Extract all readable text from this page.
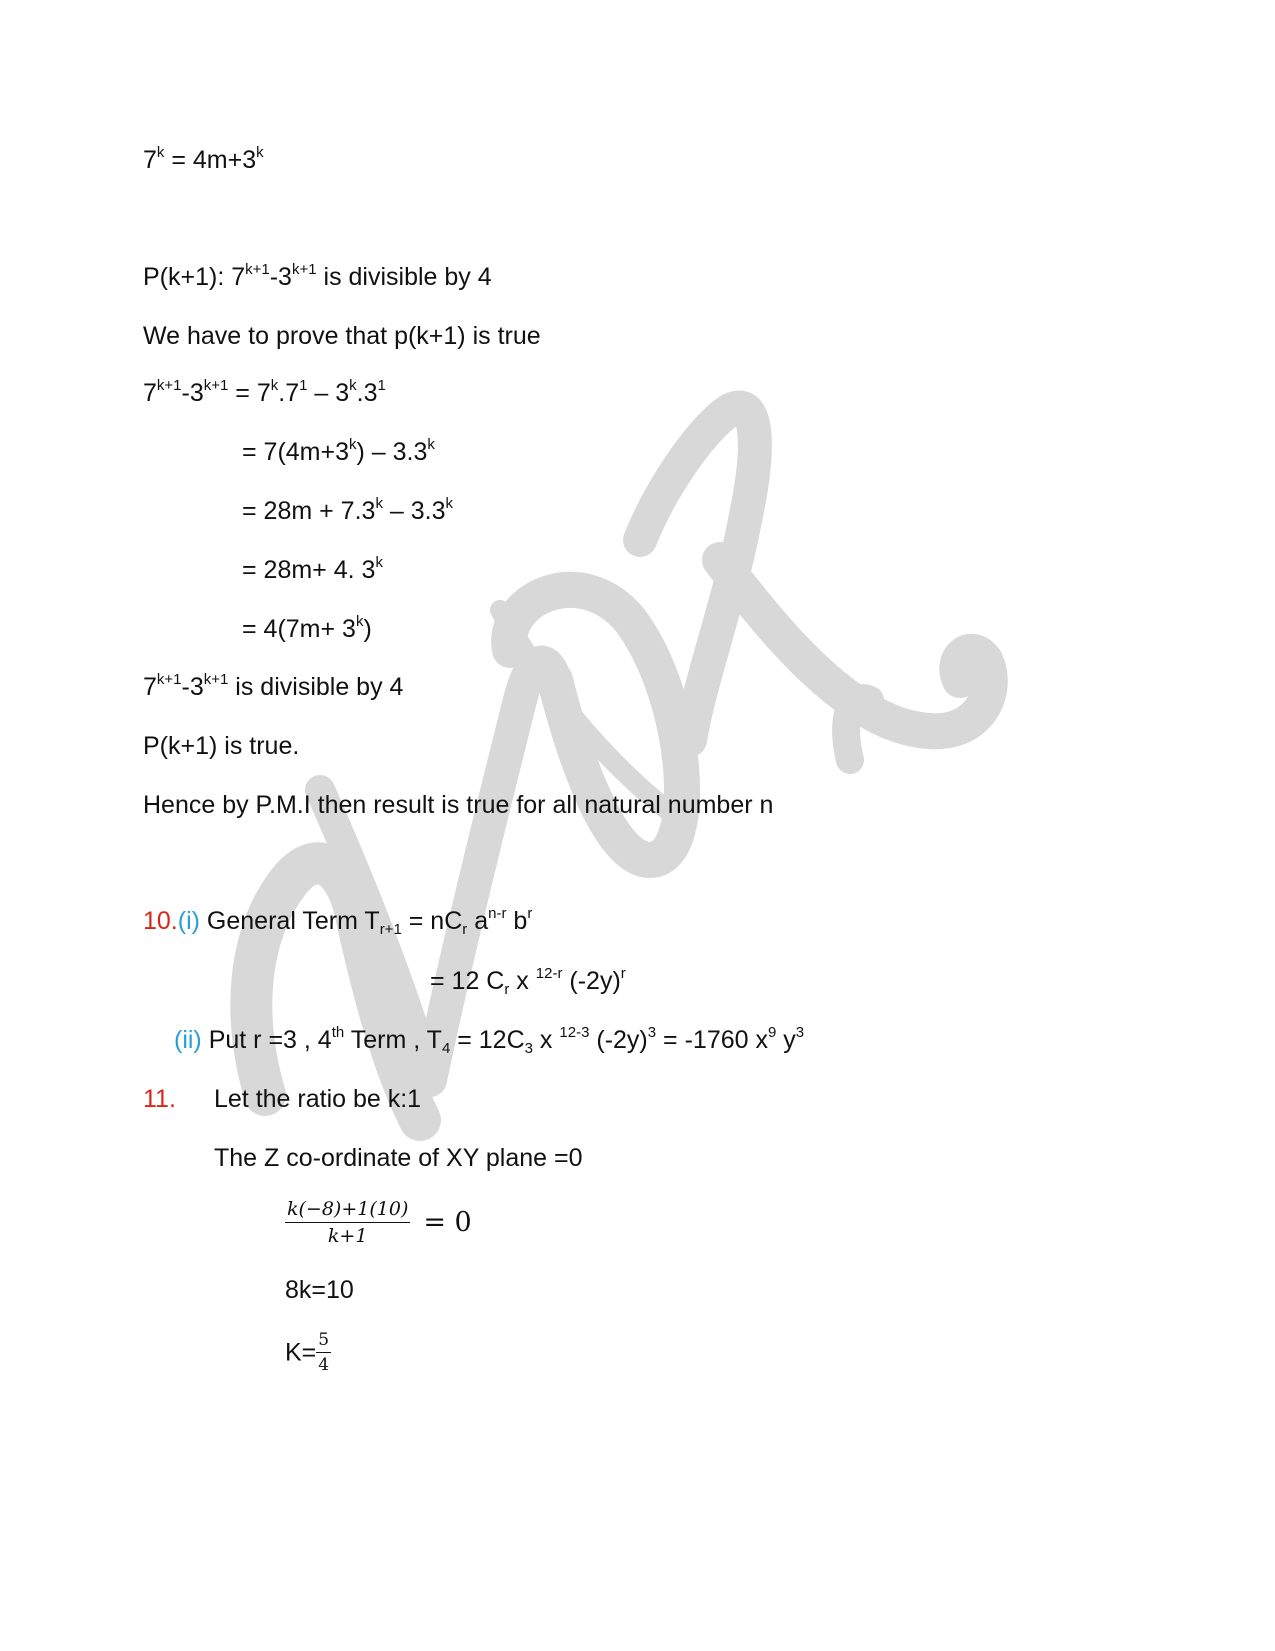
$7^k = 4m+3^k$
P(k+1): $7^{k+1}-3^{k+1}$ is divisible by 4
We have to prove that p(k+1) is true
$7^{k+1}-3^{k+1} = 7^k.7^1 - 3^k.3^1$
= $7(4m+3^k) - 3.3^k$
= $28m + 7.3^k - 3.3^k$
= 28m+ 4. $3^k$
= $4(7m+ 3^k)$
$7^{k+1}-3^{k+1}$ is divisible by 4
P(k+1) is true.
Hence by P.M.I then result is true for all natural number n
10.(i) General Term $T_{r+1} = nC_r$ $a^{n-r}$ $b^r$
= 12 $C_r$ x $^{12-r}$ $(-2y)^r$
(ii) Put r =3 , 4th Term , $T_4 = 12C_3$ x $^{12-3}$ $(-2y)^3 = -1760$ $x^9$ $y^3$
11. Let the ratio be k:1
The Z co-ordinate of XY plane =0
$\frac{k(-8)+1(10)}{k+1} = 0$
8k=10
$K= \frac{5}{4}$
